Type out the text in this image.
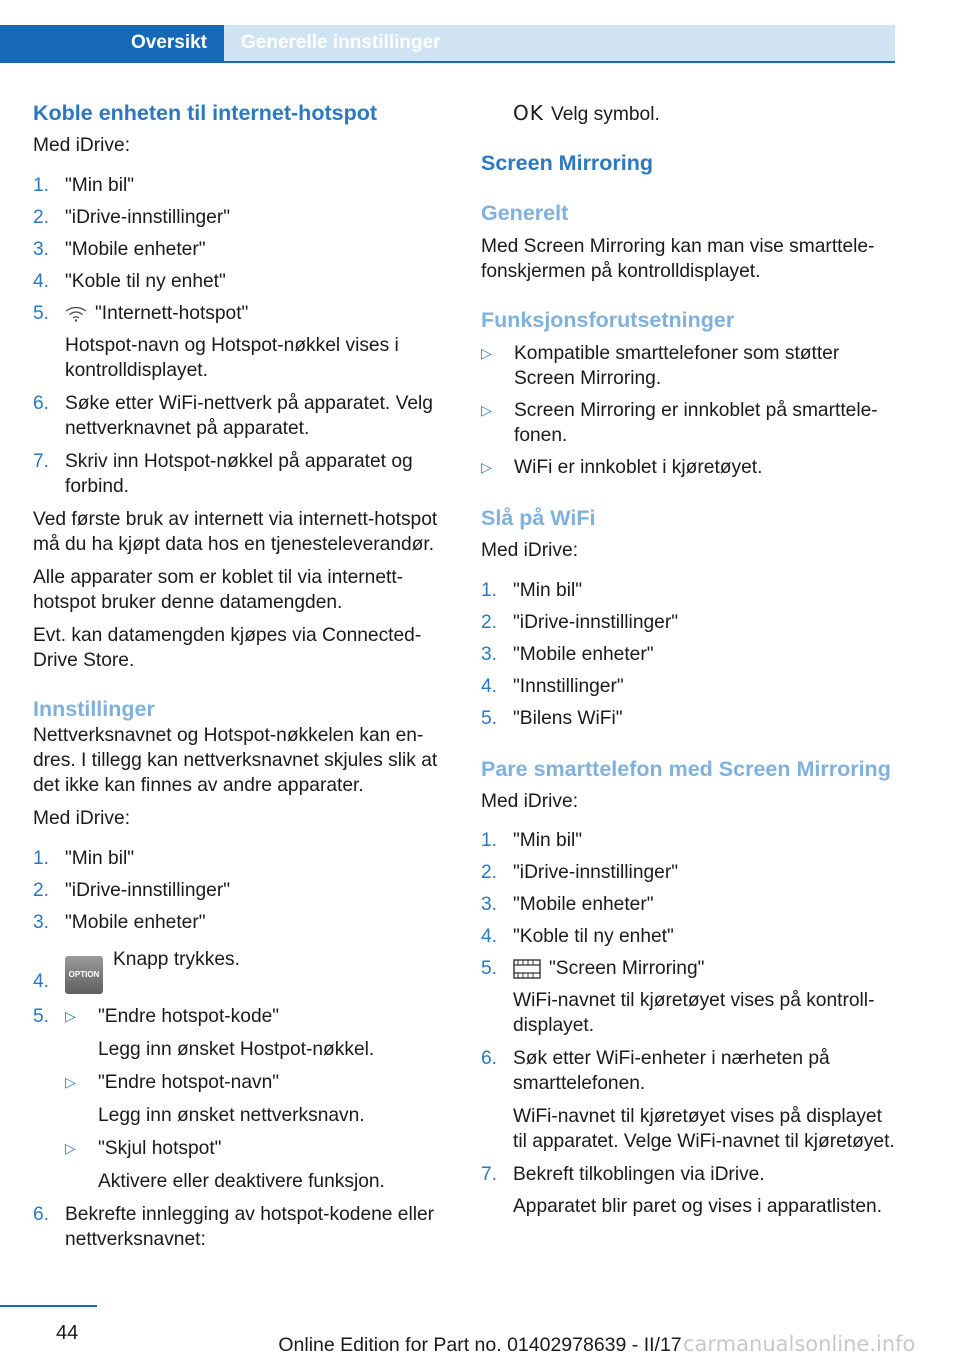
Oversikt	Generelle innstillinger
Koble enheten til internet-hotspot

Med iDrive:

1. "Min bil"
2. "iDrive-innstillinger"
3. "Mobile enheter"
4. "Koble til ny enhet"
5.	"Internett-hotspot"

Hotspot-navn og Hotspot-nøkkel vises i kontrolldisplayet.

6. Søke etter WiFi-nettverk på apparatet. Velg nettverknavnet på apparatet.
7. Skriv inn Hotspot-nøkkel på apparatet og forbind.

Ved første bruk av internett via internett-hotspot må du ha kjøpt data hos en tjenesteleverandør.

Alle apparater som er koblet til via internett-hotspot bruker denne datamengden.

Evt. kan datamengden kjøpes via ConnectedDrive Store.

Innstillinger

Nettverksnavnet og Hotspot-nøkkelen kan endres. I tillegg kan nettverksnavnet skjules slik at det ikke kan finnes av andre apparater.

Med iDrive:

1. "Min bil"
2. "iDrive-innstillinger"
3. "Mobile enheter"
4.	OPTIONKnapp trykkes.
5.	▷	"Endre hotspot-kode"

Legg inn ønsket Hostpot-nøkkel.

▷	"Endre hotspot-navn"

Legg inn ønsket nettverksnavn.

▷	"Skjul hotspot"

Aktivere eller deaktivere funksjon.

6. Bekrefte innlegging av hotspot-kodene eller nettverksnavnet:

OK Velg symbol.

Screen Mirroring
Generelt

Med Screen Mirroring kan man vise smarttelefonskjermen på kontrolldisplayet.

Funksjonsforutsetninger
▷	Kompatible smarttelefoner som støtter Screen Mirroring.
▷	Screen Mirroring er innkoblet på smarttelefonen.
▷	WiFi er innkoblet i kjøretøyet.
Slå på WiFi

Med iDrive:

1. "Min bil"
2. "iDrive-innstillinger"
3. "Mobile enheter"
4. "Innstillinger"
5. "Bilens WiFi"
Pare smarttelefon med Screen Mirroring

Med iDrive:

1. "Min bil"
2. "iDrive-innstillinger"
3. "Mobile enheter"
4. "Koble til ny enhet"
5.	"Screen Mirroring"

WiFi-navnet til kjøretøyet vises på kontrolldisplayet.

6. Søk etter WiFi-enheter i nærheten på smarttelefonen.

WiFi-navnet til kjøretøyet vises på displayet til apparatet. Velge WiFi-navnet til kjøretøyet.

7. Bekreft tilkoblingen via iDrive.

Apparatet blir paret og vises i apparatlisten.

44
Online Edition for Part no. 01402978639 - II/17 carmanualsonline.info
